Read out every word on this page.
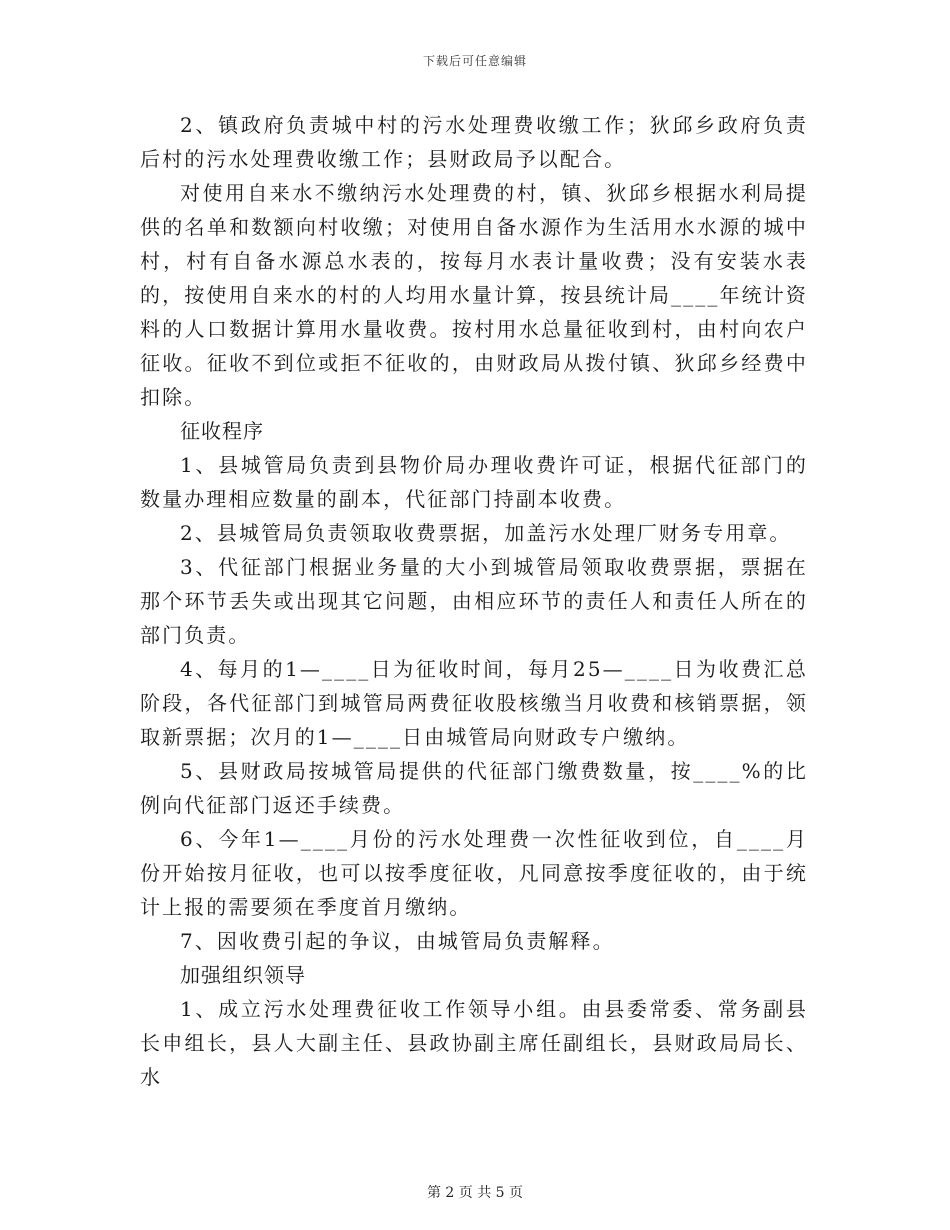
下载后可任意编辑

2、镇政府负责城中村的污水处理费收缴工作；狄邱乡政府负责后村的污水处理费收缴工作；县财政局予以配合。

对使用自来水不缴纳污水处理费的村，镇、狄邱乡根据水利局提供的名单和数额向村收缴；对使用自备水源作为生活用水水源的城中村，村有自备水源总水表的，按每月水表计量收费；没有安装水表的，按使用自来水的村的人均用水量计算，按县统计局____年统计资料的人口数据计算用水量收费。按村用水总量征收到村，由村向农户征收。征收不到位或拒不征收的，由财政局从拨付镇、狄邱乡经费中扣除。

征收程序

1、县城管局负责到县物价局办理收费许可证，根据代征部门的数量办理相应数量的副本，代征部门持副本收费。

2、县城管局负责领取收费票据，加盖污水处理厂财务专用章。

3、代征部门根据业务量的大小到城管局领取收费票据，票据在那个环节丢失或出现其它问题，由相应环节的责任人和责任人所在的部门负责。

4、每月的1—____日为征收时间，每月25—____日为收费汇总阶段，各代征部门到城管局两费征收股核缴当月收费和核销票据，领取新票据；次月的1—____日由城管局向财政专户缴纳。

5、县财政局按城管局提供的代征部门缴费数量，按____%的比例向代征部门返还手续费。

6、今年1—____月份的污水处理费一次性征收到位，自____月份开始按月征收，也可以按季度征收，凡同意按季度征收的，由于统计上报的需要须在季度首月缴纳。

7、因收费引起的争议，由城管局负责解释。

加强组织领导

1、成立污水处理费征收工作领导小组。由县委常委、常务副县长申组长，县人大副主任、县政协副主席任副组长，县财政局局长、水

第 2 页 共 5 页
